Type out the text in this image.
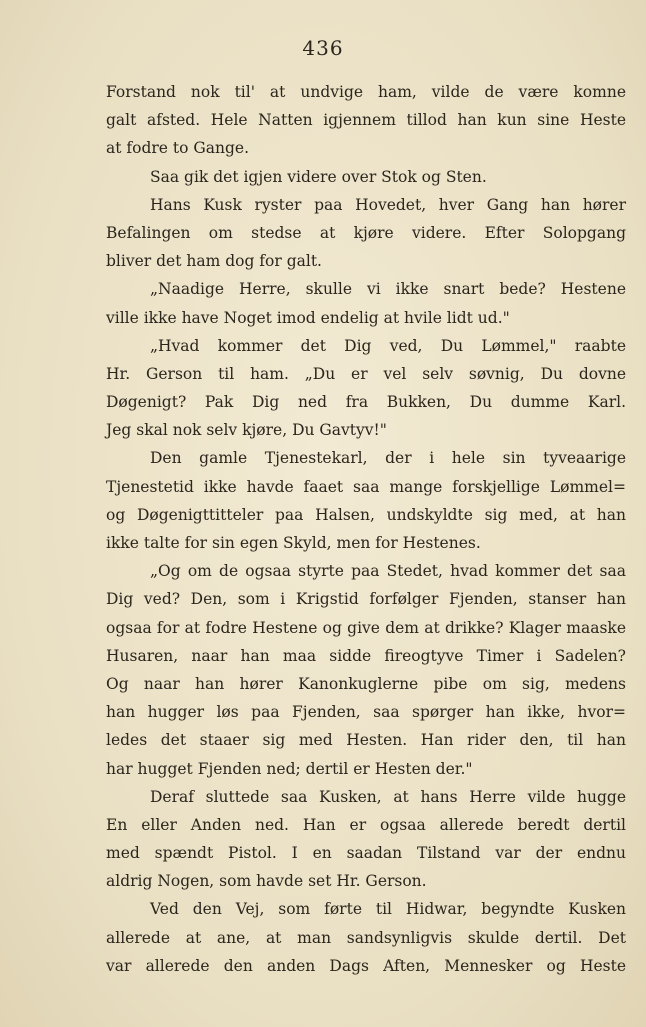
436
Forstand nok til' at undvige ham, vilde de være komne
galt afsted. Hele Natten igjennem tillod han kun sine Heste
at fodre to Gange.
Saa gik det igjen videre over Stok og Sten.
Hans Kusk ryster paa Hovedet, hver Gang han hører
Befalingen om stedse at kjøre videre. Efter Solopgang
bliver det ham dog for galt.
„Naadige Herre, skulle vi ikke snart bede? Hestene
ville ikke have Noget imod endelig at hvile lidt ud."
„Hvad kommer det Dig ved, Du Lømmel," raabte
Hr. Gerson til ham. „Du er vel selv søvnig, Du dovne
Døgenigt? Pak Dig ned fra Bukken, Du dumme Karl.
Jeg skal nok selv kjøre, Du Gavtyv!"
Den gamle Tjenestekarl, der i hele sin tyveaarige
Tjenestetid ikke havde faaet saa mange forskjellige Lømmel=
og Døgenigttitteler paa Halsen, undskyldte sig med, at han
ikke talte for sin egen Skyld, men for Hestenes.
„Og om de ogsaa styrte paa Stedet, hvad kommer det saa
Dig ved? Den, som i Krigstid forfølger Fjenden, stanser han
ogsaa for at fodre Hestene og give dem at drikke? Klager maaske
Husaren, naar han maa sidde fireogtyve Timer i Sadelen?
Og naar han hører Kanonkuglerne pibe om sig, medens
han hugger løs paa Fjenden, saa spørger han ikke, hvor=
ledes det staaer sig med Hesten. Han rider den, til han
har hugget Fjenden ned; dertil er Hesten der."
Deraf sluttede saa Kusken, at hans Herre vilde hugge
En eller Anden ned. Han er ogsaa allerede beredt dertil
med spændt Pistol. I en saadan Tilstand var der endnu
aldrig Nogen, som havde set Hr. Gerson.
Ved den Vej, som førte til Hidwar, begyndte Kusken
allerede at ane, at man sandsynligvis skulde dertil. Det
var allerede den anden Dags Aften, Mennesker og Heste
